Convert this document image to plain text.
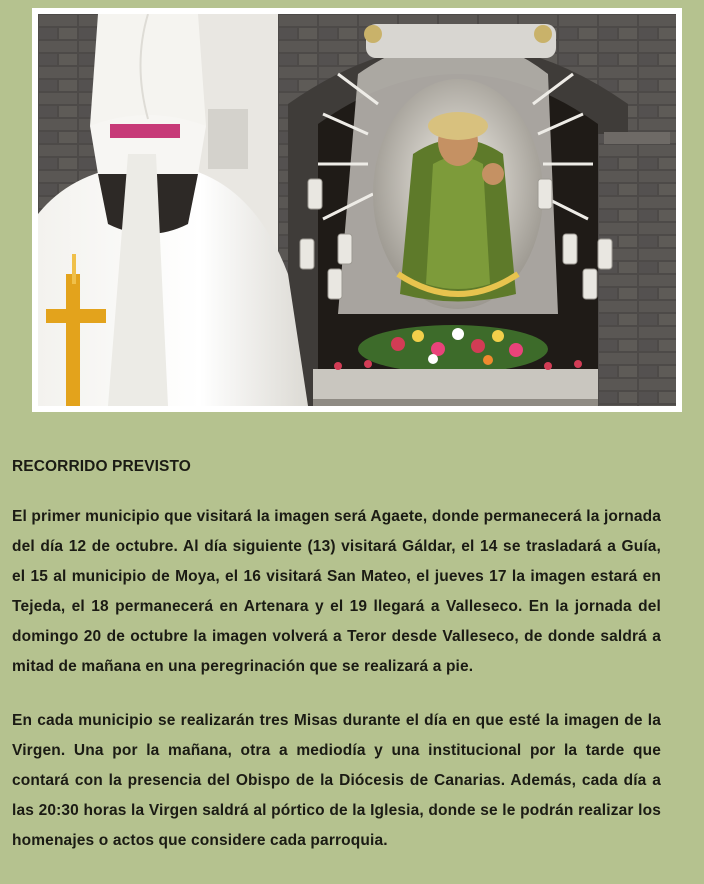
RECORRIDO PREVISTO

El primer municipio que visitará la imagen será Agaete, donde permanecerá la jornada del día 12 de octubre. Al día siguiente (13) visitará Gáldar, el 14 se trasladará a Guía, el 15 al municipio de Moya, el 16 visitará San Mateo, el jueves 17 la imagen estará en Tejeda, el 18 permanecerá en Artenara y el 19 llegará a Valleseco. En la jornada del domingo 20 de octubre la imagen volverá a Teror desde Valleseco, de donde saldrá a mitad de mañana en una peregrinación que se realizará a pie.

En cada municipio se realizarán tres Misas durante el día en que esté la imagen de la Virgen. Una por la mañana, otra a mediodía y una institucional por la tarde que contará con la presencia del Obispo de la Diócesis de Canarias. Además, cada día a las 20:30 horas la Virgen saldrá al pórtico de la Iglesia, donde se le podrán realizar los homenajes o actos que considere cada parroquia.
